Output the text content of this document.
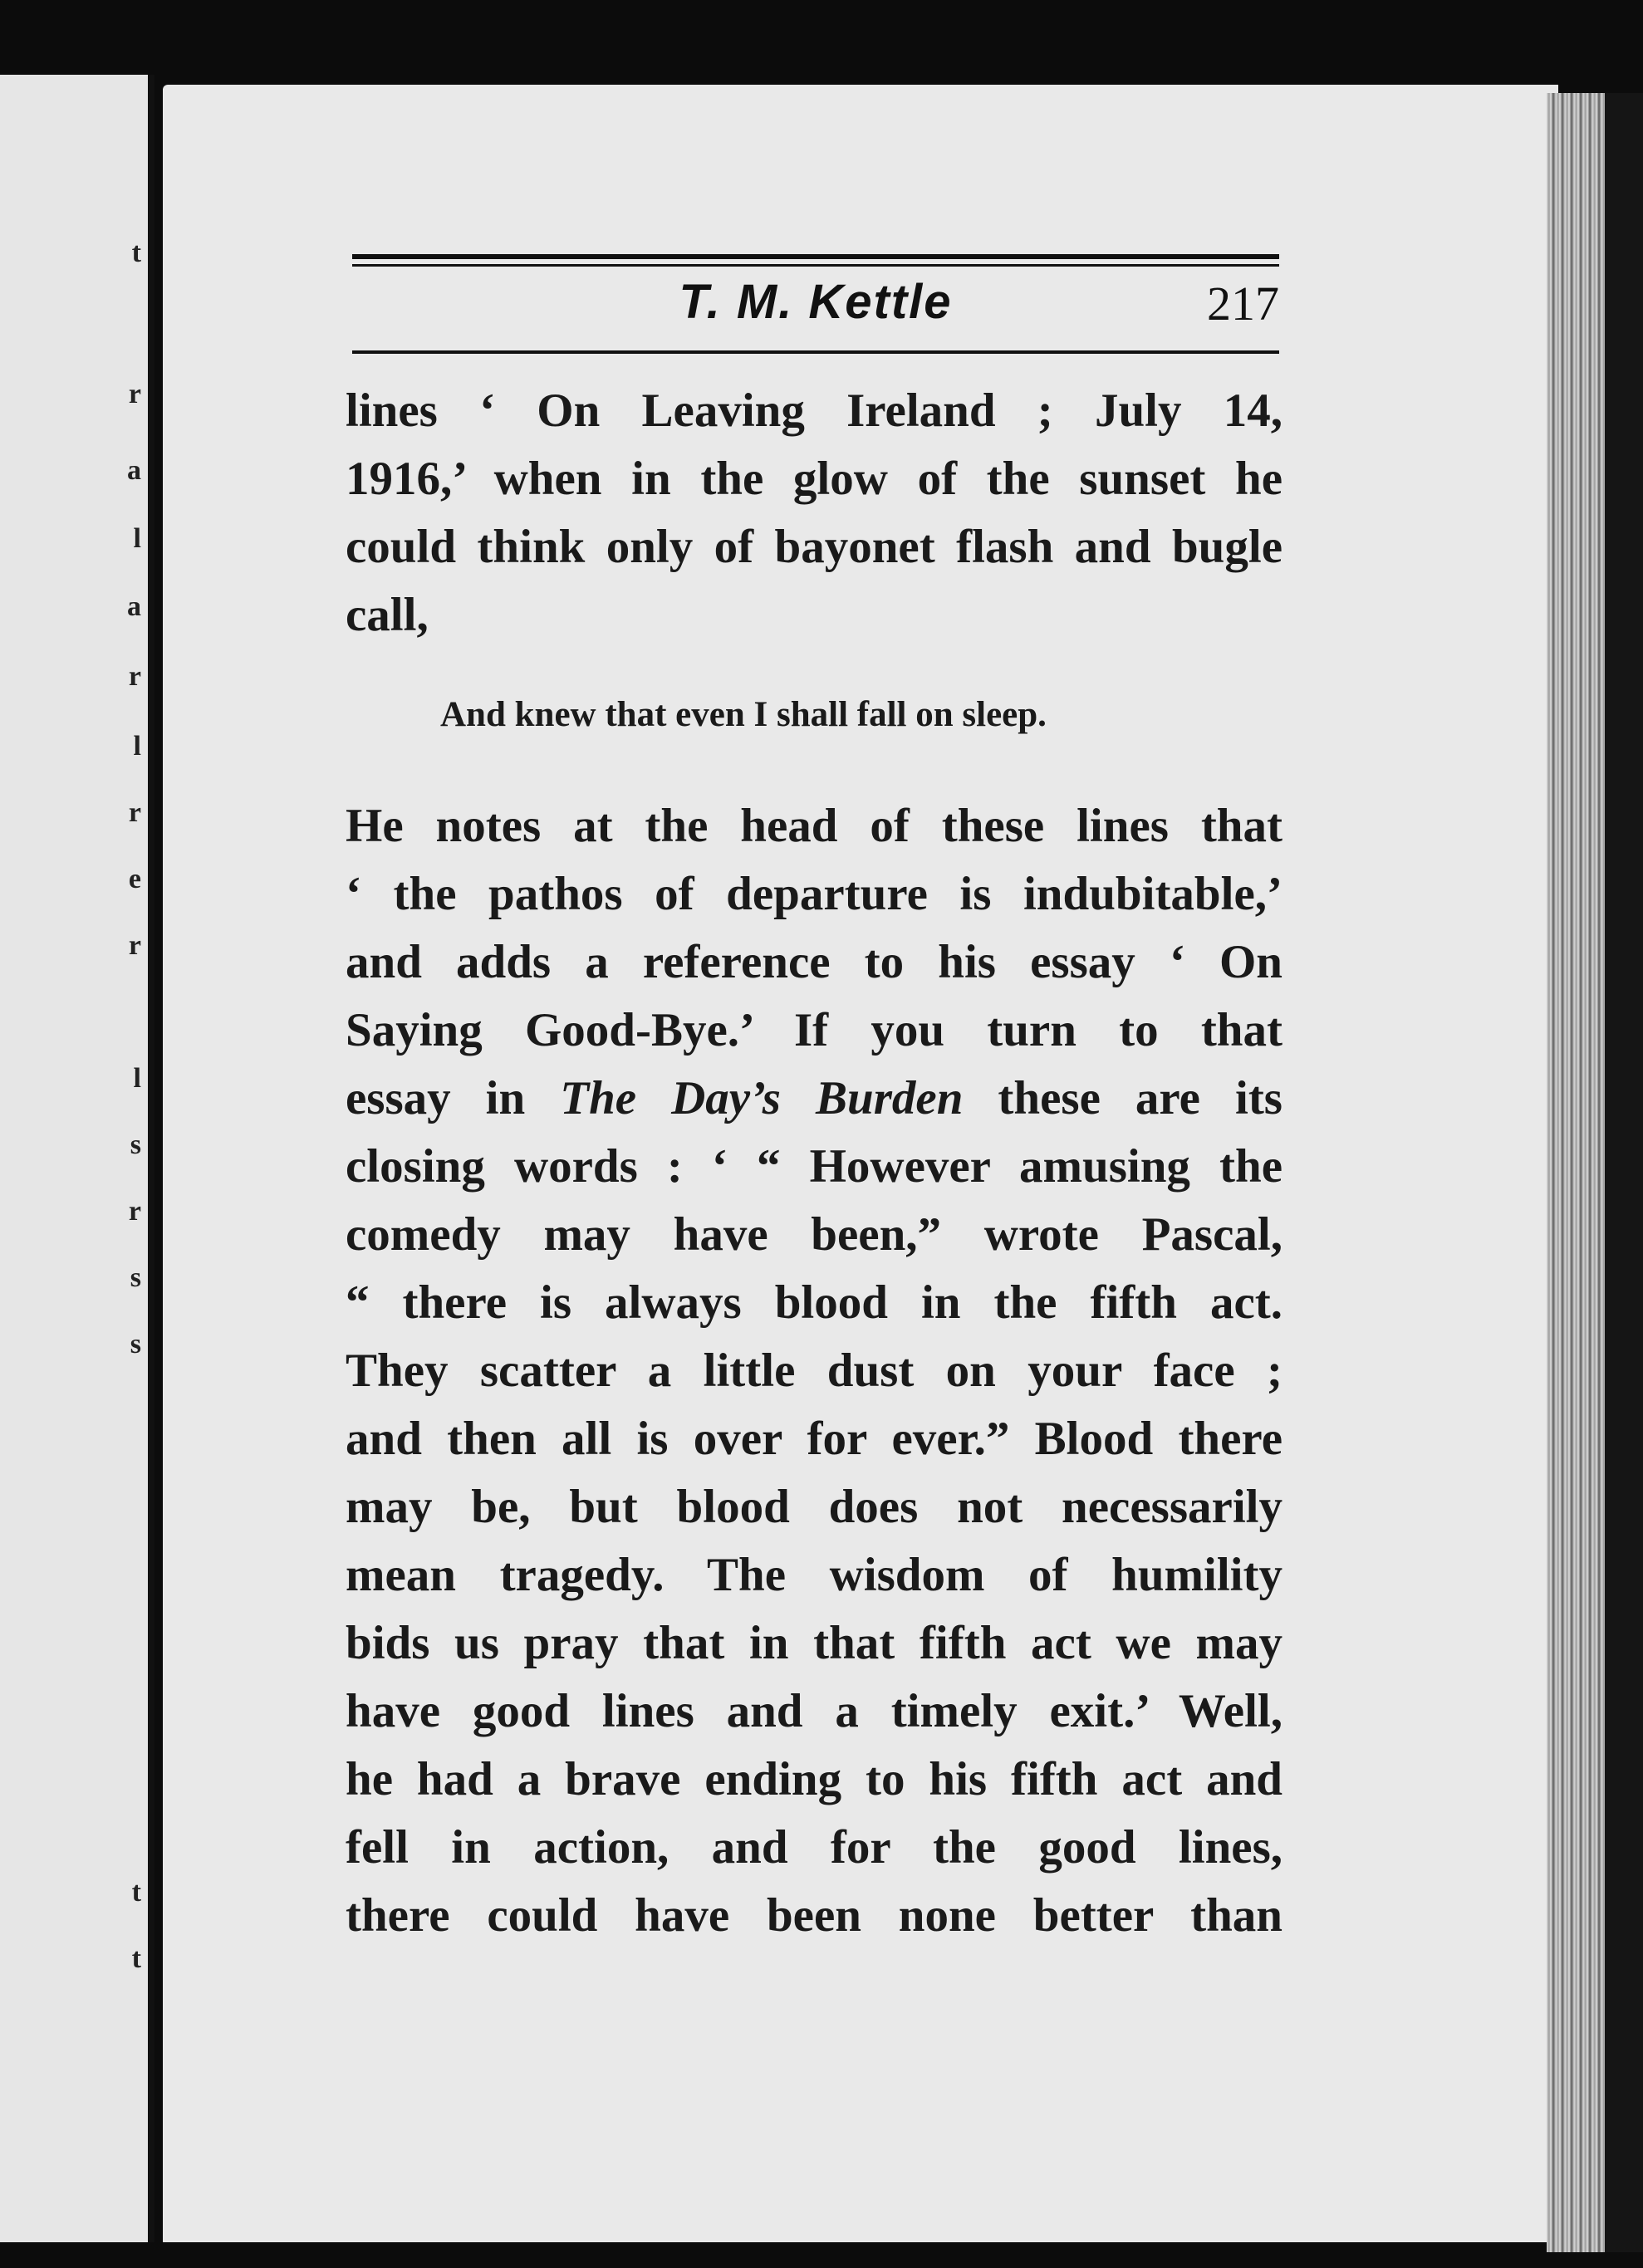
t
r
a
l
a
r
l
r
e
r
l
s
r
s
s
t
t
T. M. Kettle	217
lines ‘ On Leaving Ireland ; July 14,
1916,’ when in the glow of the sunset he
could think only of bayonet flash and bugle
call,
And knew that even I shall fall on sleep.
He notes at the head of these lines that
‘ the pathos of departure is indubitable,’
and adds a reference to his essay ‘ On
Saying Good-Bye.’ If you turn to that
essay in The Day’s Burden these are its
closing words : ‘ “ However amusing the
comedy may have been,” wrote Pascal,
“ there is always blood in the fifth act.
They scatter a little dust on your face ;
and then all is over for ever.” Blood there
may be, but blood does not necessarily
mean tragedy. The wisdom of humility
bids us pray that in that fifth act we may
have good lines and a timely exit.’ Well,
he had a brave ending to his fifth act and
fell in action, and for the good lines,
there could have been none better than
